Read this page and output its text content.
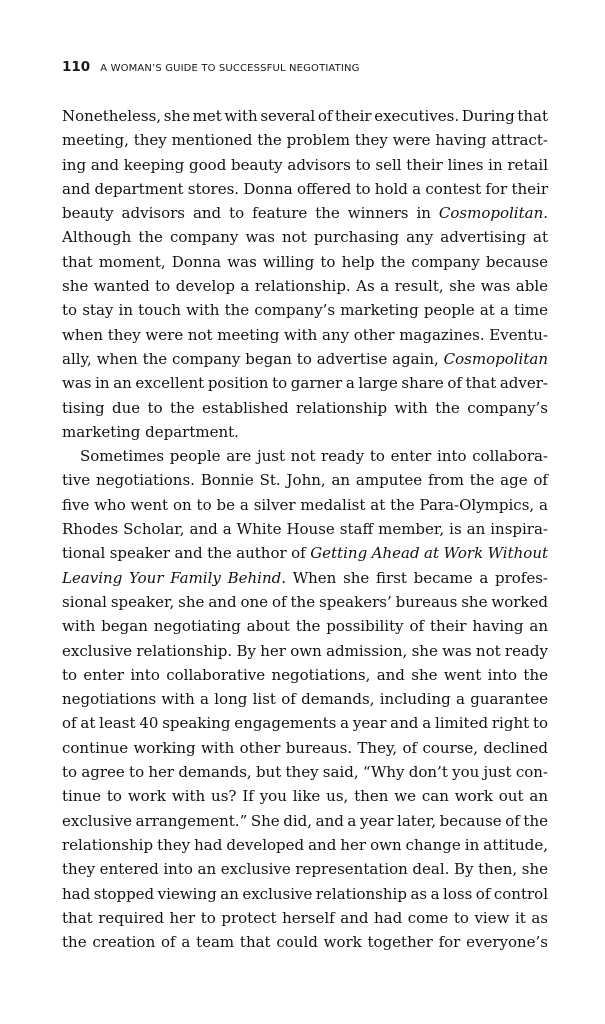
110 A WOMAN’S GUIDE TO SUCCESSFUL NEGOTIATING
Nonetheless, she met with several of their executives. During that
meeting, they mentioned the problem they were having attract-
ing and keeping good beauty advisors to sell their lines in retail
and department stores. Donna offered to hold a contest for their
beauty advisors and to feature the winners in Cosmopolitan.
Although the company was not purchasing any advertising at
that moment, Donna was willing to help the company because
she wanted to develop a relationship. As a result, she was able
to stay in touch with the company’s marketing people at a time
when they were not meeting with any other magazines. Eventu-
ally, when the company began to advertise again, Cosmopolitan
was in an excellent position to garner a large share of that adver-
tising due to the established relationship with the company’s
marketing department.
Sometimes people are just not ready to enter into collabora-
tive negotiations. Bonnie St. John, an amputee from the age of
five who went on to be a silver medalist at the Para-Olympics, a
Rhodes Scholar, and a White House staff member, is an inspira-
tional speaker and the author of Getting Ahead at Work Without
Leaving Your Family Behind. When she first became a profes-
sional speaker, she and one of the speakers’ bureaus she worked
with began negotiating about the possibility of their having an
exclusive relationship. By her own admission, she was not ready
to enter into collaborative negotiations, and she went into the
negotiations with a long list of demands, including a guarantee
of at least 40 speaking engagements a year and a limited right to
continue working with other bureaus. They, of course, declined
to agree to her demands, but they said, “Why don’t you just con-
tinue to work with us? If you like us, then we can work out an
exclusive arrangement.” She did, and a year later, because of the
relationship they had developed and her own change in attitude,
they entered into an exclusive representation deal. By then, she
had stopped viewing an exclusive relationship as a loss of control
that required her to protect herself and had come to view it as
the creation of a team that could work together for everyone’s
